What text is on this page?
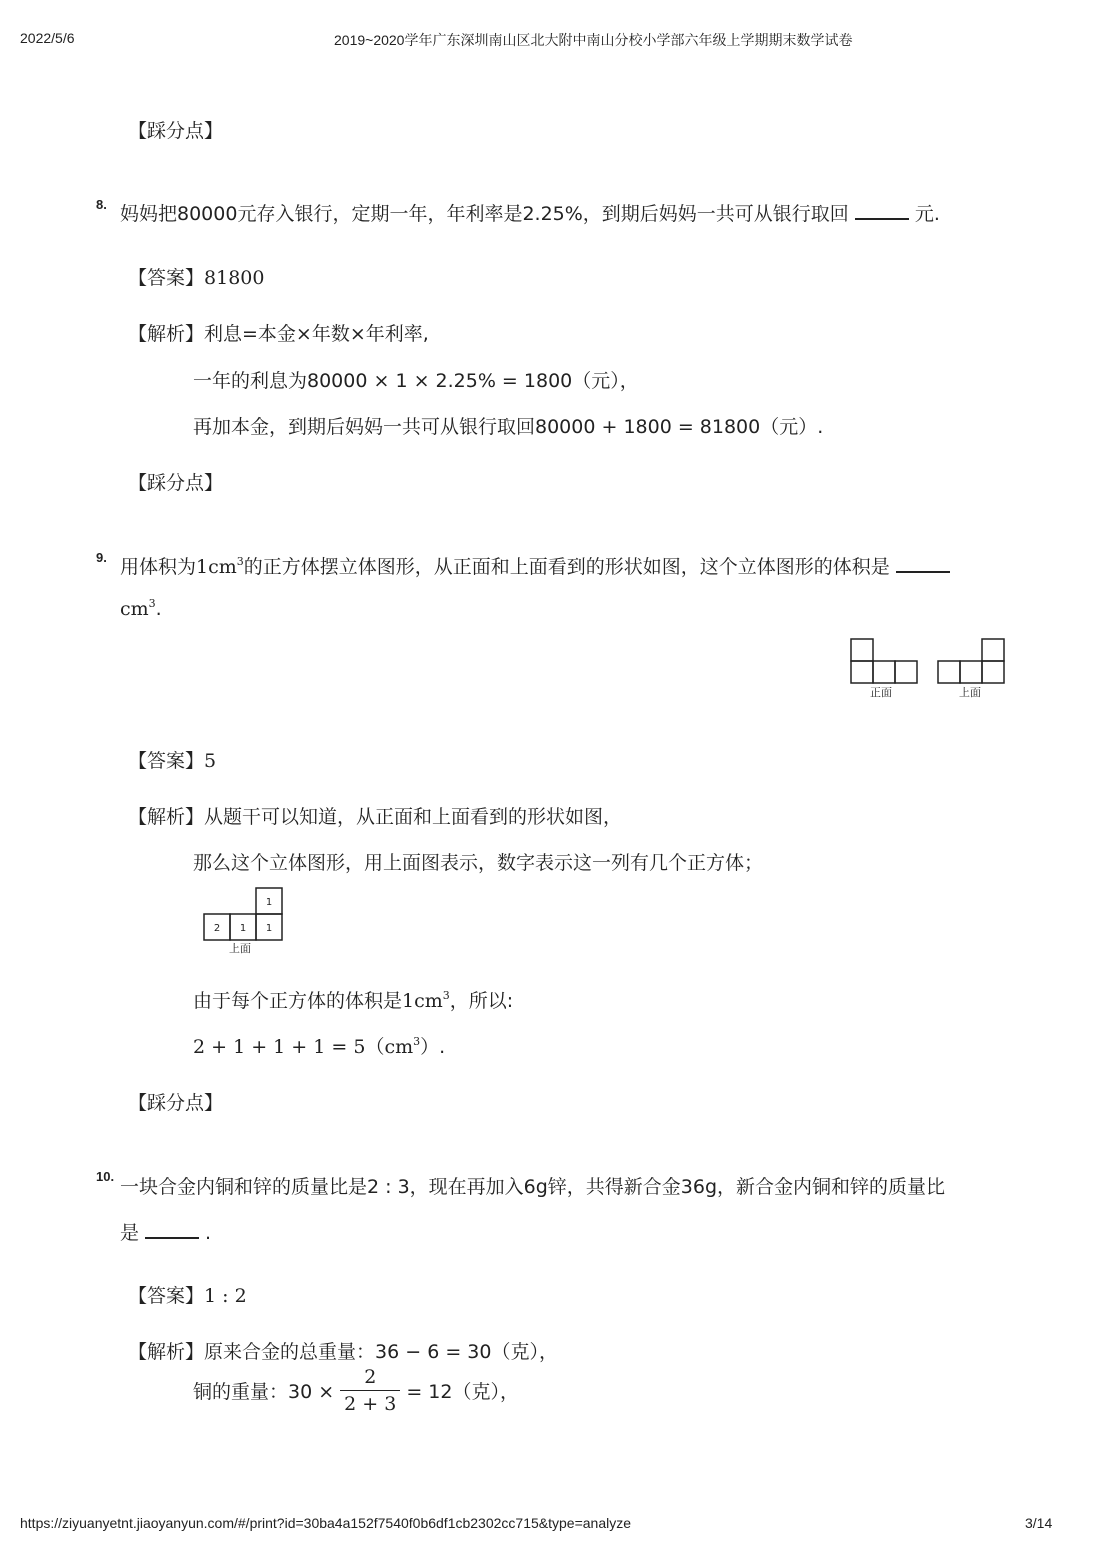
2022/5/6	2019~2020学年广东深圳南山区北大附中南山分校小学部六年级上学期期末数学试卷
【踩分点】
8. 妈妈把80000元存入银行，定期一年，年利率是2.25%，到期后妈妈一共可从银行取回	元.
【答案】81800
【解析】利息=本金×年数×年利率,
一年的利息为80000 × 1 × 2.25% = 1800（元），
再加本金，到期后妈妈一共可从银行取回80000 + 1800 = 81800（元）.
【踩分点】
9. 用体积为$1cm^3$的正方体摆立体图形，从正面和上面看到的形状如图，这个立体图形的体积是
$cm^3$.
正面	上面
【答案】5
【解析】从题干可以知道，从正面和上面看到的形状如图，
那么这个立体图形，用上面图表示，数字表示这一列有几个正方体；
1
2 1 1
上面
由于每个正方体的体积是$1cm^3$，所以:
$2 + 1 + 1 + 1 = 5(cm^3)$.
【踩分点】
10. 一块合金内铜和锌的质量比是2 : 3，现在再加入6g锌，共得新合金36g，新合金内铜和锌的质量比
是	.
【答案】1 : 2
【解析】原来合金的总重量：36 − 6 = 30（克），
铜的重量：$30 \times \frac{2}{2 + 3} = 12$（克），
https://ziyuanyetnt.jiaoyanyun.com/#/print?id=30ba4a152f7540f0b6df1cb2302cc715&type=analyze	3/14
